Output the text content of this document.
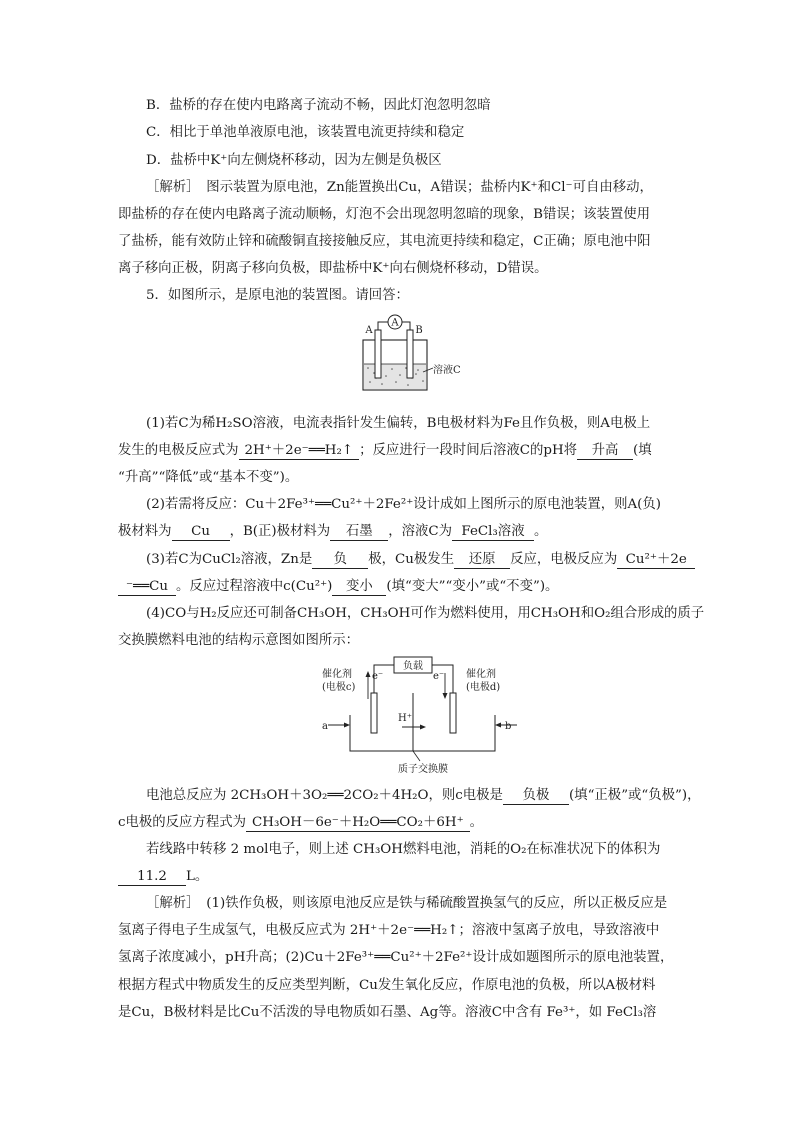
B．盐桥的存在使内电路离子流动不畅，因此灯泡忽明忽暗
C．相比于单池单液原电池，该装置电流更持续和稳定
D．盐桥中K⁺向左侧烧杯移动，因为左侧是负极区
［解析］　图示装置为原电池，Zn能置换出Cu，A错误；盐桥内K⁺和Cl⁻可自由移动，
即盐桥的存在使内电路离子流动顺畅，灯泡不会出现忽明忽暗的现象，B错误；该装置使用
了盐桥，能有效防止锌和硫酸铜直接接触反应，其电流更持续和稳定，C正确；原电池中阳
离子移向正极，阴离子移向负极，即盐桥中K⁺向右侧烧杯移动，D错误。
5．如图所示，是原电池的装置图。请回答：
A
A	B
溶液C
(1)若C为稀H₂SO溶液，电流表指针发生偏转，B电极材料为Fe且作负极，则A电极上
发生的电极反应式为 2H⁺＋2e⁻══H₂↑ ；反应进行一段时间后溶液C的pH将 升高 (填
“升高”“降低”或“基本不变”)。
(2)若需将反应：Cu＋2Fe³⁺══Cu²⁺＋2Fe²⁺设计成如上图所示的原电池装置，则A(负)
极材料为 Cu ，B(正)极材料为 石墨 ，溶液C为 FeCl₃溶液 。
(3)若C为CuCl₂溶液，Zn是 负 极，Cu极发生 还原 反应，电极反应为 Cu²⁺＋2e
⁻══Cu 。反应过程溶液中c(Cu²⁺) 变小 (填“变大”“变小”或“不变”)。
(4)CO与H₂反应还可制备CH₃OH，CH₃OH可作为燃料使用，用CH₃OH和O₂组合形成的质子
交换膜燃料电池的结构示意图如图所示：
负载
e⁻	e⁻
催化剂
(电极c)
催化剂
(电极d)
a	b
H⁺
质子交换膜
电池总反应为 2CH₃OH＋3O₂══2CO₂＋4H₂O，则c电极是 负极 (填“正极”或“负极”)，
c电极的反应方程式为 CH₃OH－6e⁻＋H₂O══CO₂＋6H⁺ 。
若线路中转移 2 mol电子，则上述 CH₃OH燃料电池，消耗的O₂在标准状况下的体积为
11.2 L。
［解析］　(1)铁作负极，则该原电池反应是铁与稀硫酸置换氢气的反应，所以正极反应是
氢离子得电子生成氢气，电极反应式为 2H⁺＋2e⁻══H₂↑；溶液中氢离子放电，导致溶液中
氢离子浓度减小，pH升高；(2)Cu＋2Fe³⁺══Cu²⁺＋2Fe²⁺设计成如题图所示的原电池装置，
根据方程式中物质发生的反应类型判断，Cu发生氧化反应，作原电池的负极，所以A极材料
是Cu，B极材料是比Cu不活泼的导电物质如石墨、Ag等。溶液C中含有 Fe³⁺，如 FeCl₃溶
